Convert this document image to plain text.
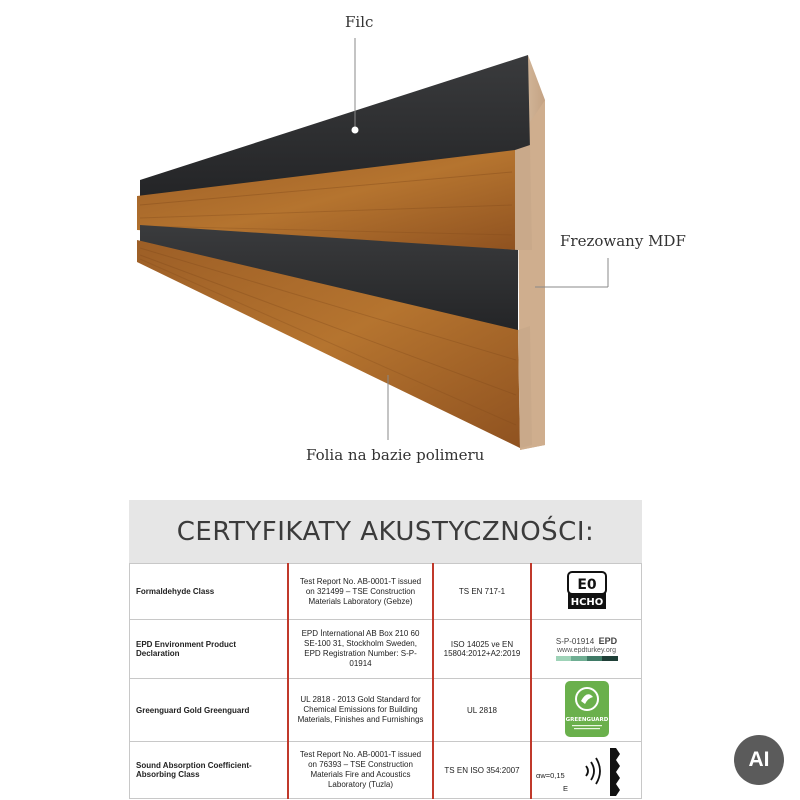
Filc
Frezowany MDF
Folia na bazie polimeru
CERTYFIKATY AKUSTYCZNOŚCI:
Formaldehyde Class	Test Report No. AB-0001-T issued on 321499 – TSE Construction Materials Laboratory (Gebze)	TS EN 717-1	E0
HCHO

EPD Environment Product Declaration	EPD İnternational AB Box 210 60 SE-100 31, Stockholm Sweden, EPD Registration Number: S-P-01914	ISO 14025 ve EN 15804:2012+A2:2019	S-P-01914 EPD
www.epdturkey.org

Greenguard Gold Greenguard	UL 2818 - 2013 Gold Standard for Chemical Emissions for Building Materials, Finishes and Furnishings	UL 2818	GREENGUARD

Sound Absorption Coefficient- Absorbing Class	Test Report No. AB-0001-T issued on 76393 – TSE Construction Materials Fire and Acoustics Laboratory (Tuzla)	TS EN ISO 354:2007	αw=0,15
E
AI
